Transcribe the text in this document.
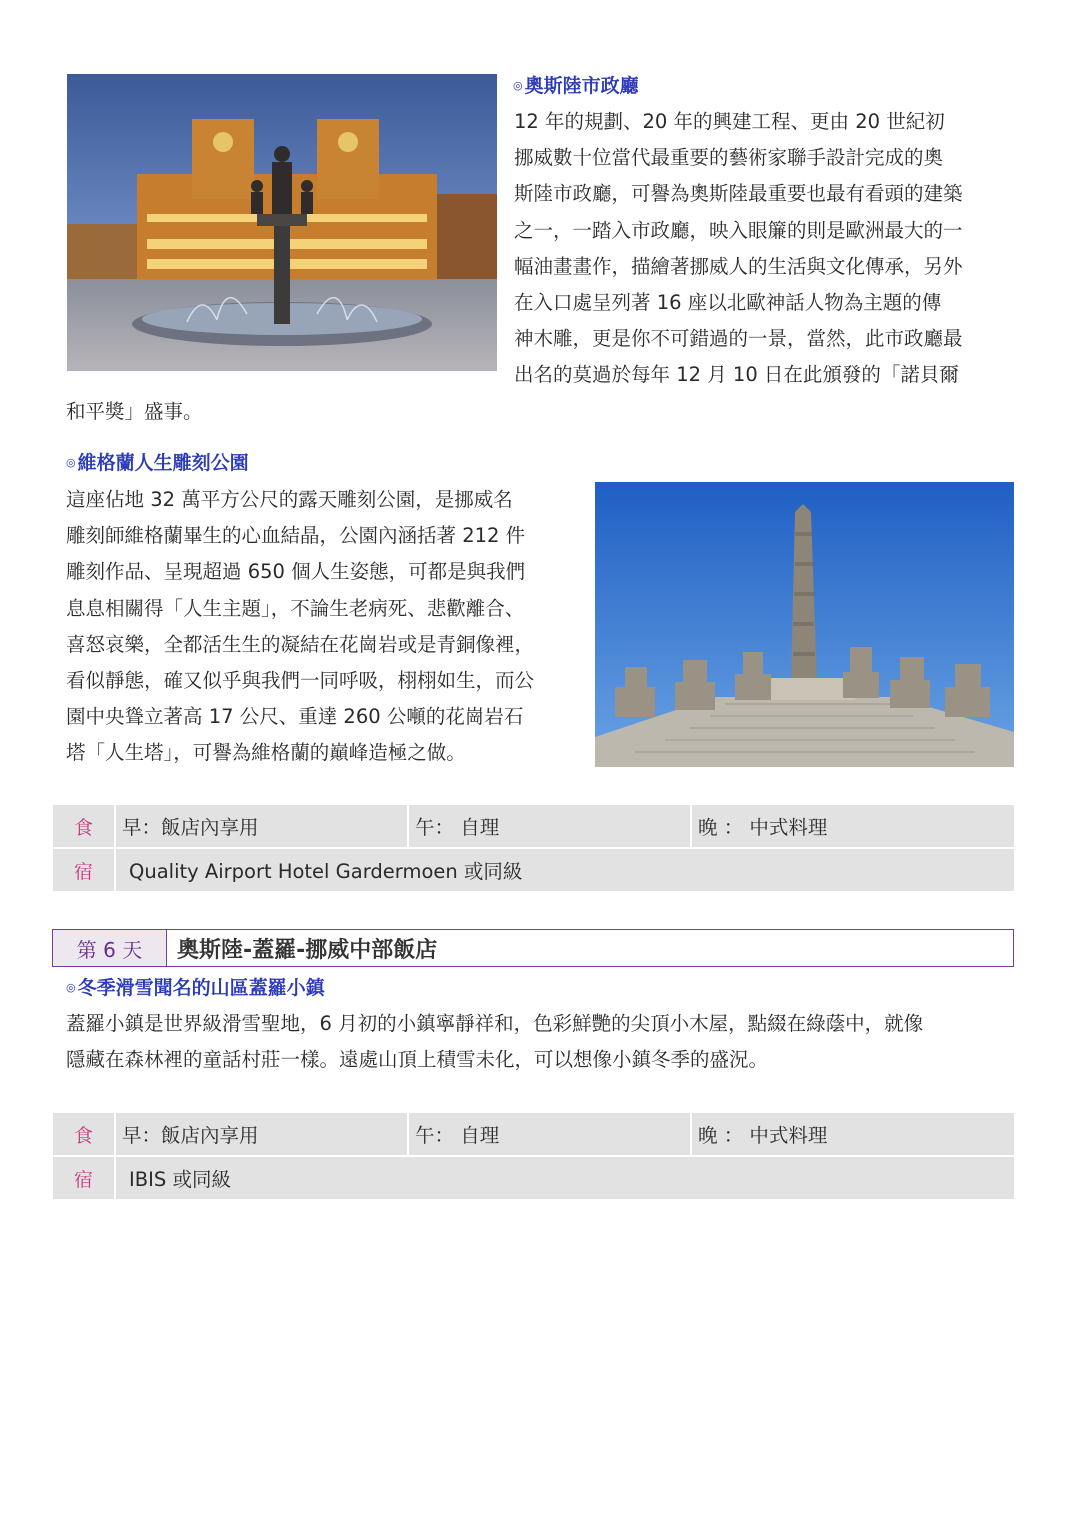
◎ 奧斯陸市政廳
12 年的規劃、20 年的興建工程、更由 20 世紀初
挪威數十位當代最重要的藝術家聯手設計完成的奧
斯陸市政廳，可譽為奧斯陸最重要也最有看頭的建築
之一，一踏入市政廳，映入眼簾的則是歐洲最大的一
幅油畫畫作，描繪著挪威人的生活與文化傳承，另外
在入口處呈列著 16 座以北歐神話人物為主題的傳
神木雕，更是你不可錯過的一景，當然，此市政廳最
出名的莫過於每年 12 月 10 日在此頒發的「諾貝爾
和平獎」盛事。
◎ 維格蘭人生雕刻公園
這座佔地 32 萬平方公尺的露天雕刻公園，是挪威名
雕刻師維格蘭畢生的心血結晶，公園內涵括著 212 件
雕刻作品、呈現超過 650 個人生姿態，可都是與我們
息息相關得「人生主題」，不論生老病死、悲歡離合、
喜怒哀樂，全都活生生的凝結在花崗岩或是青銅像裡，
看似靜態，確又似乎與我們一同呼吸，栩栩如生，而公
園中央聳立著高 17 公尺、重達 260 公噸的花崗岩石
塔「人生塔」，可譽為維格蘭的巔峰造極之做。
食	早：飯店內享用	午： 自理	晚 ： 中式料理
宿	Quality Airport Hotel Gardermoen 或同級		
第 6 天	奧斯陸-蓋羅-挪威中部飯店
◎ 冬季滑雪聞名的山區蓋羅小鎮
蓋羅小鎮是世界級滑雪聖地，6 月初的小鎮寧靜祥和，色彩鮮艷的尖頂小木屋，點綴在綠蔭中，就像
隱藏在森林裡的童話村莊一樣。遠處山頂上積雪未化，可以想像小鎮冬季的盛況。
食	早：飯店內享用	午： 自理	晚 ： 中式料理
宿	IBIS 或同級		
